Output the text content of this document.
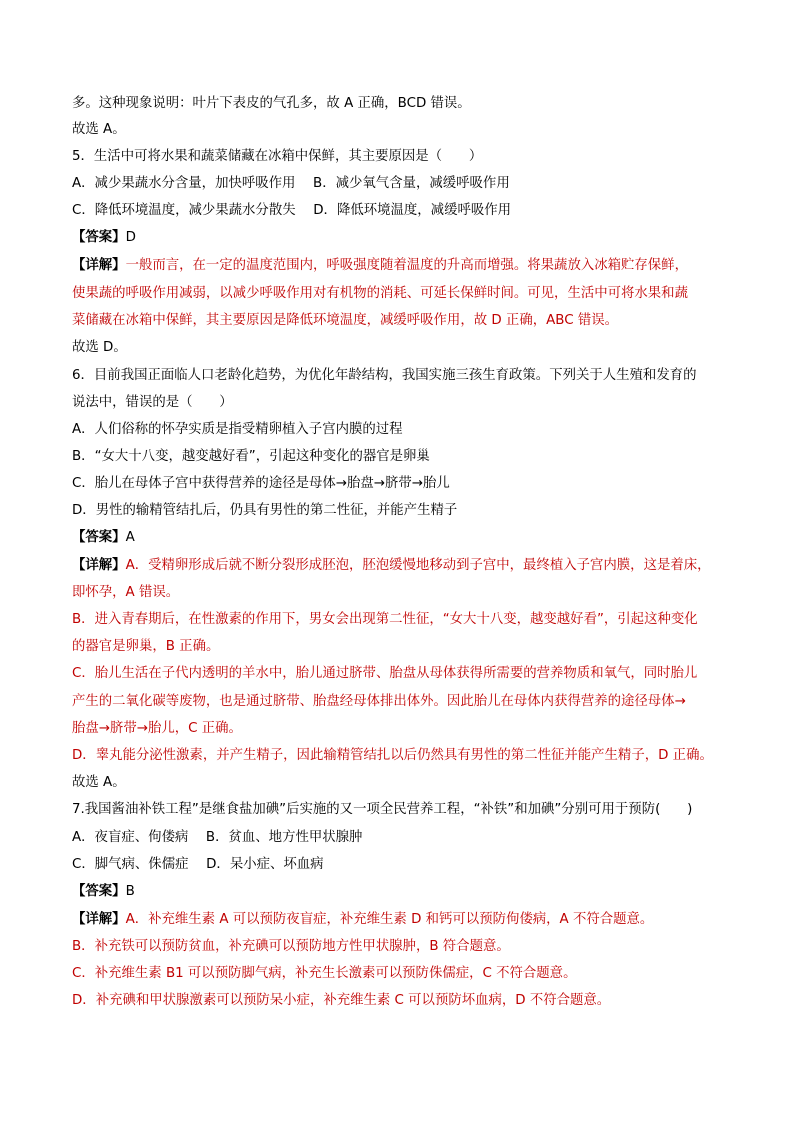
多。这种现象说明：叶片下表皮的气孔多，故 A 正确，BCD 错误。
故选 A。
5．生活中可将水果和蔬菜储藏在冰箱中保鲜，其主要原因是（　　）
A．减少果蔬水分含量，加快呼吸作用　 B．减少氧气含量，减缓呼吸作用
C．降低环境温度，减少果蔬水分散失　 D．降低环境温度，减缓呼吸作用
【答案】D
【详解】一般而言，在一定的温度范围内，呼吸强度随着温度的升高而增强。将果蔬放入冰箱贮存保鲜，
使果蔬的呼吸作用减弱，以减少呼吸作用对有机物的消耗、可延长保鲜时间。可见，生活中可将水果和蔬
菜储藏在冰箱中保鲜，其主要原因是降低环境温度，减缓呼吸作用，故 D 正确，ABC 错误。
故选 D。
6．目前我国正面临人口老龄化趋势，为优化年龄结构，我国实施三孩生育政策。下列关于人生殖和发育的
说法中，错误的是（　　）
A．人们俗称的怀孕实质是指受精卵植入子宫内膜的过程
B．“女大十八变，越变越好看”，引起这种变化的器官是卵巢
C．胎儿在母体子宫中获得营养的途径是母体→胎盘→脐带→胎儿
D．男性的输精管结扎后，仍具有男性的第二性征，并能产生精子
【答案】A
【详解】A．受精卵形成后就不断分裂形成胚泡，胚泡缓慢地移动到子宫中，最终植入子宫内膜，这是着床，
即怀孕，A 错误。
B．进入青春期后，在性激素的作用下，男女会出现第二性征，“女大十八变，越变越好看”，引起这种变化
的器官是卵巢，B 正确。
C．胎儿生活在子代内透明的羊水中，胎儿通过脐带、胎盘从母体获得所需要的营养物质和氧气，同时胎儿
产生的二氧化碳等废物，也是通过脐带、胎盘经母体排出体外。因此胎儿在母体内获得营养的途径母体→
胎盘→脐带→胎儿，C 正确。
D．睾丸能分泌性激素，并产生精子，因此输精管结扎以后仍然具有男性的第二性征并能产生精子，D 正确。
故选 A。
7.我国酱油补铁工程”是继食盐加碘”后实施的又一项全民营养工程，“补铁”和加碘”分别可用于预防(　　)
A．夜盲症、佝偻病　 B．贫血、地方性甲状腺肿
C．脚气病、侏儒症　 D．呆小症、坏血病
【答案】B
【详解】A．补充维生素 A 可以预防夜盲症，补充维生素 D 和钙可以预防佝偻病，A 不符合题意。
B．补充铁可以预防贫血，补充碘可以预防地方性甲状腺肿，B 符合题意。
C．补充维生素 B1 可以预防脚气病，补充生长激素可以预防侏儒症，C 不符合题意。
D．补充碘和甲状腺激素可以预防呆小症，补充维生素 C 可以预防坏血病，D 不符合题意。
